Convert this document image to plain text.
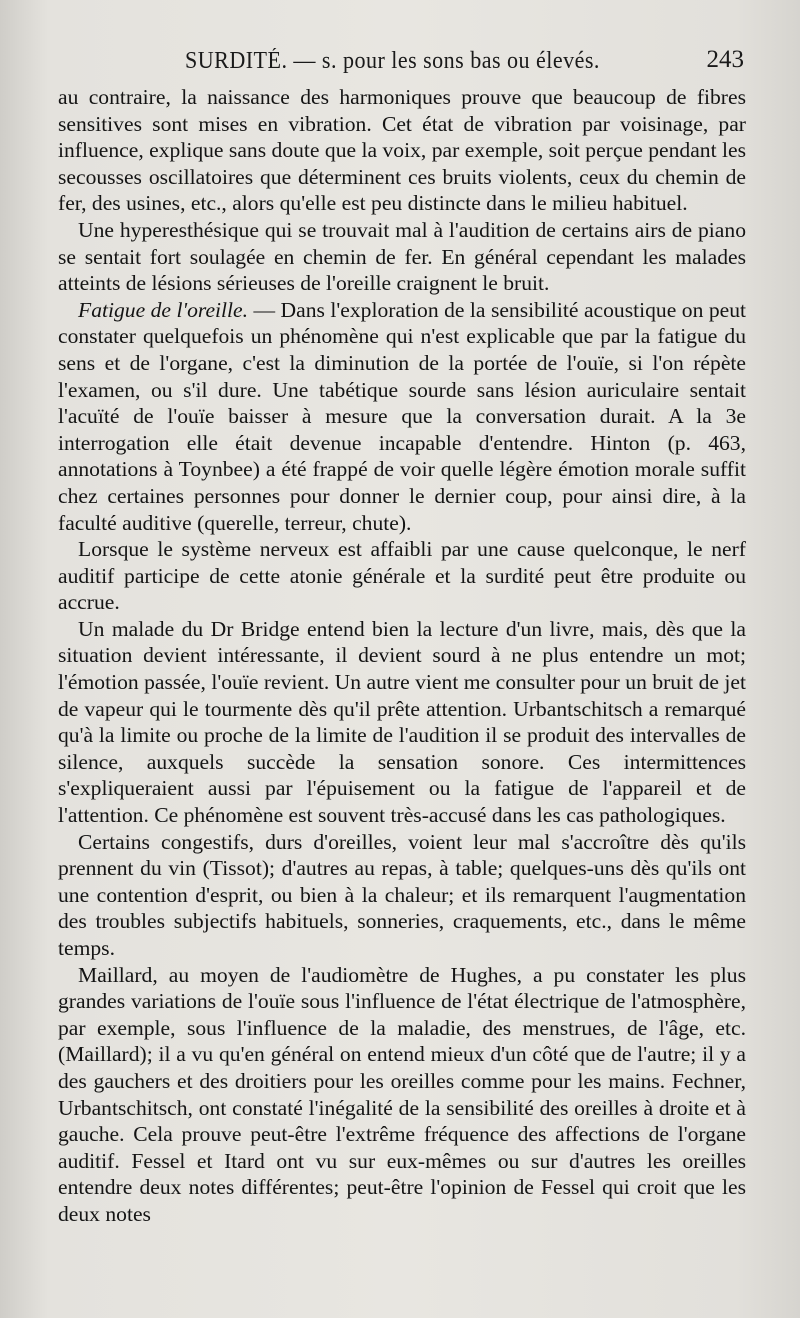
SURDITÉ. — s. pour les sons bas ou élevés.	243

au contraire, la naissance des harmoniques prouve que beaucoup de fibres sensitives sont mises en vibration. Cet état de vibration par voisinage, par influence, explique sans doute que la voix, par exemple, soit perçue pendant les secousses oscillatoires que déterminent ces bruits violents, ceux du chemin de fer, des usines, etc., alors qu'elle est peu distincte dans le milieu habituel.

Une hyperesthésique qui se trouvait mal à l'audition de certains airs de piano se sentait fort soulagée en chemin de fer. En général cependant les malades atteints de lésions sérieuses de l'oreille craignent le bruit.

Fatigue de l'oreille. — Dans l'exploration de la sensibilité acoustique on peut constater quelquefois un phénomène qui n'est explicable que par la fatigue du sens et de l'organe, c'est la diminution de la portée de l'ouïe, si l'on répète l'examen, ou s'il dure. Une tabétique sourde sans lésion auriculaire sentait l'acuïté de l'ouïe baisser à mesure que la conversation durait. A la 3e interrogation elle était devenue incapable d'entendre. Hinton (p. 463, annotations à Toynbee) a été frappé de voir quelle légère émotion morale suffit chez certaines personnes pour donner le dernier coup, pour ainsi dire, à la faculté auditive (querelle, terreur, chute).

Lorsque le système nerveux est affaibli par une cause quelconque, le nerf auditif participe de cette atonie générale et la surdité peut être produite ou accrue.

Un malade du Dr Bridge entend bien la lecture d'un livre, mais, dès que la situation devient intéressante, il devient sourd à ne plus entendre un mot; l'émotion passée, l'ouïe revient. Un autre vient me consulter pour un bruit de jet de vapeur qui le tourmente dès qu'il prête attention. Urbantschitsch a remarqué qu'à la limite ou proche de la limite de l'audition il se produit des intervalles de silence, auxquels succède la sensation sonore. Ces intermittences s'expliqueraient aussi par l'épuisement ou la fatigue de l'appareil et de l'attention. Ce phénomène est souvent très-accusé dans les cas pathologiques.

Certains congestifs, durs d'oreilles, voient leur mal s'accroître dès qu'ils prennent du vin (Tissot); d'autres au repas, à table; quelques-uns dès qu'ils ont une contention d'esprit, ou bien à la chaleur; et ils remarquent l'augmentation des troubles subjectifs habituels, sonneries, craquements, etc., dans le même temps.

Maillard, au moyen de l'audiomètre de Hughes, a pu constater les plus grandes variations de l'ouïe sous l'influence de l'état électrique de l'atmosphère, par exemple, sous l'influence de la maladie, des menstrues, de l'âge, etc. (Maillard); il a vu qu'en général on entend mieux d'un côté que de l'autre; il y a des gauchers et des droitiers pour les oreilles comme pour les mains. Fechner, Urbantschitsch, ont constaté l'inégalité de la sensibilité des oreilles à droite et à gauche. Cela prouve peut-être l'extrême fréquence des affections de l'organe auditif. Fessel et Itard ont vu sur eux-mêmes ou sur d'autres les oreilles entendre deux notes différentes; peut-être l'opinion de Fessel qui croit que les deux notes
